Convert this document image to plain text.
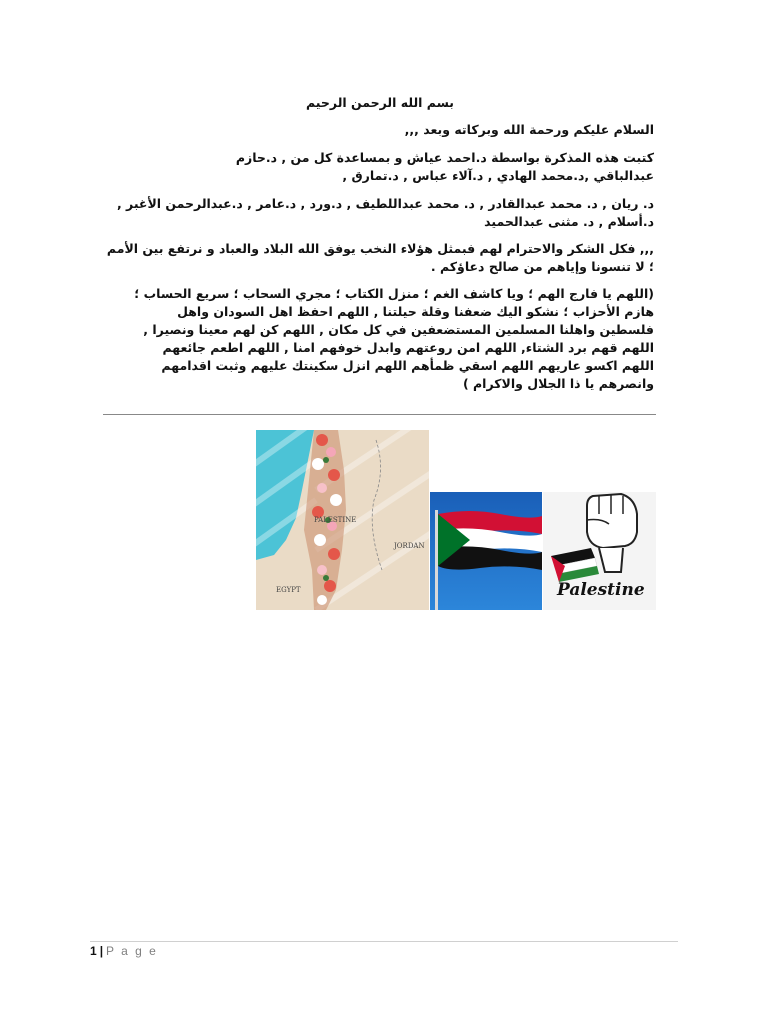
بسم الله الرحمن الرحيم
السلام عليكم ورحمة الله وبركاته وبعد ,,,
كتبت هذه المذكرة بواسطة د.احمد عياش و بمساعدة كل من , د.حازم
عبدالباقي ,د.محمد الهادي , د.آلاء عباس , د.تمارق ,
د. ريان , د. محمد عبدالقادر , د. محمد عبداللطيف , د.ورد , د.عامر , د.عبدالرحمن الأغبر ,
د.أسلام , د. مثنى عبدالحميد
,,, فكل الشكر والاحترام لهم فبمثل هؤلاء النخب يوفق الله البلاد والعباد و نرتفع بين الأمم
؛ لا تنسونا وإياهم من صالح دعاؤكم .
(اللهم يا فارج الهم ؛ ويا كاشف الغم ؛ منزل الكتاب ؛ مجري السحاب ؛ سريع الحساب ؛
هازم الأحزاب ؛ نشكو اليك ضعفنا وقلة حيلتنا , اللهم احفظ اهل السودان واهل
فلسطين واهلنا المسلمين المستضعفين في كل مكان , اللهم كن لهم معينا ونصيرا ,
اللهم قهم برد الشتاء, اللهم امن روعتهم وابدل خوفهم امنا , اللهم اطعم جائعهم
اللهم اكسو عاريهم اللهم اسقي ظمأهم اللهم انزل سكينتك عليهم وثبت اقدامهم
وانصرهم يا ذا الجلال والاكرام )
PALESTINE
JORDAN
EGYPT	Palestine
1 | P a g e
